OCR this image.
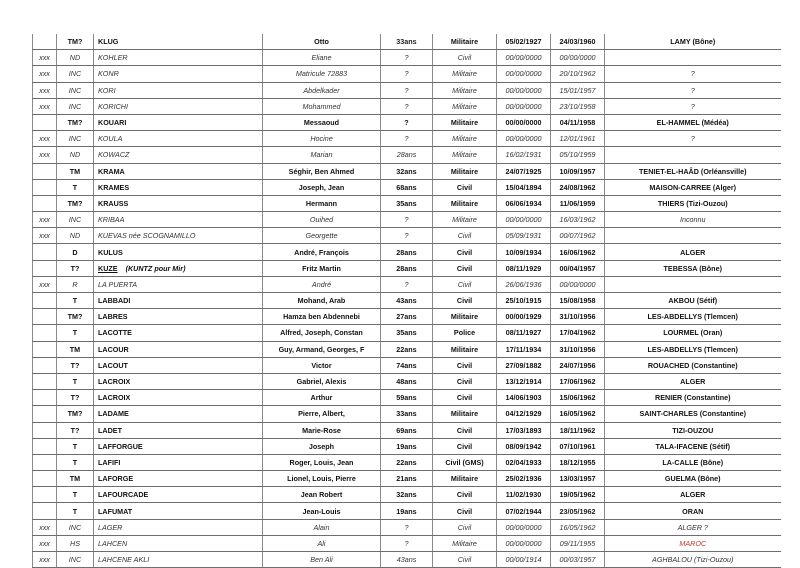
	TM?	KLUG	Otto	33ans	Militaire	05/02/1927	24/03/1960	LAMY (Bône)
xxx	ND	KOHLER	Eliane	?	Civil	00/00/0000	00/00/0000	
xxx	INC	KONR	Matricule 72883	?	Militaire	00/00/0000	20/10/1962	?
xxx	INC	KORI	Abdelkader	?	Militaire	00/00/0000	15/01/1957	?
xxx	INC	KORICHI	Mohammed	?	Militaire	00/00/0000	23/10/1958	?
	TM?	KOUARI	Messaoud	?	Militaire	00/00/0000	04/11/1958	EL-HAMMEL (Médéa)
xxx	INC	KOULA	Hocine	?	Militaire	00/00/0000	12/01/1961	?
xxx	ND	KOWACZ	Marian	28ans	Militaire	16/02/1931	05/10/1959	
	TM	KRAMA	Séghir, Ben Ahmed	32ans	Militaire	24/07/1925	10/09/1957	TENIET-EL-HAÂD (Orléansville)
	T	KRAMES	Joseph, Jean	68ans	Civil	15/04/1894	24/08/1962	MAISON-CARREE (Alger)
	TM?	KRAUSS	Hermann	35ans	Militaire	06/06/1934	11/06/1959	THIERS (Tizi-Ouzou)
xxx	INC	KRIBAA	Ouihed	?	Militaire	00/00/0000	16/03/1962	Inconnu
xxx	ND	KUEVAS née SCOGNAMILLO	Georgette	?	Civil	05/09/1931	00/07/1962	
	D	KULUS	André, François	28ans	Civil	10/09/1934	16/06/1962	ALGER
	T?	KUZE (KUNTZ pour Mir)	Fritz Martin	28ans	Civil	08/11/1929	00/04/1957	TEBESSA (Bône)
xxx	R	LA PUERTA	André	?	Civil	26/06/1936	00/00/0000	
	T	LABBADI	Mohand, Arab	43ans	Civil	25/10/1915	15/08/1958	AKBOU (Sétif)
	TM?	LABRES	Hamza ben Abdennebi	27ans	Militaire	00/00/1929	31/10/1956	LES-ABDELLYS (Tlemcen)
	T	LACOTTE	Alfred, Joseph, Constan	35ans	Police	08/11/1927	17/04/1962	LOURMEL (Oran)
	TM	LACOUR	Guy, Armand, Georges, F	22ans	Militaire	17/11/1934	31/10/1956	LES-ABDELLYS (Tlemcen)
	T?	LACOUT	Victor	74ans	Civil	27/09/1882	24/07/1956	ROUACHED (Constantine)
	T	LACROIX	Gabriel, Alexis	48ans	Civil	13/12/1914	17/06/1962	ALGER
	T?	LACROIX	Arthur	59ans	Civil	14/06/1903	15/06/1962	RENIER (Constantine)
	TM?	LADAME	Pierre, Albert,	33ans	Militaire	04/12/1929	16/05/1962	SAINT-CHARLES (Constantine)
	T?	LADET	Marie-Rose	69ans	Civil	17/03/1893	18/11/1962	TIZI-OUZOU
	T	LAFFORGUE	Joseph	19ans	Civil	08/09/1942	07/10/1961	TALA-IFACENE (Sétif)
	T	LAFIFI	Roger, Louis, Jean	22ans	Civil (GMS)	02/04/1933	18/12/1955	LA-CALLE (Bône)
	TM	LAFORGE	Lionel, Louis, Pierre	21ans	Militaire	25/02/1936	13/03/1957	GUELMA (Bône)
	T	LAFOURCADE	Jean Robert	32ans	Civil	11/02/1930	19/05/1962	ALGER
	T	LAFUMAT	Jean-Louis	19ans	Civil	07/02/1944	23/05/1962	ORAN
xxx	INC	LAGER	Alain	?	Civil	00/00/0000	16/05/1962	ALGER ?
xxx	HS	LAHCEN	Ali	?	Militaire	00/00/0000	09/11/1955	MAROC
xxx	INC	LAHCENE AKLI	Ben Ali	43ans	Civil	00/00/1914	00/03/1957	AGHBALOU (Tizi-Ouzou)
